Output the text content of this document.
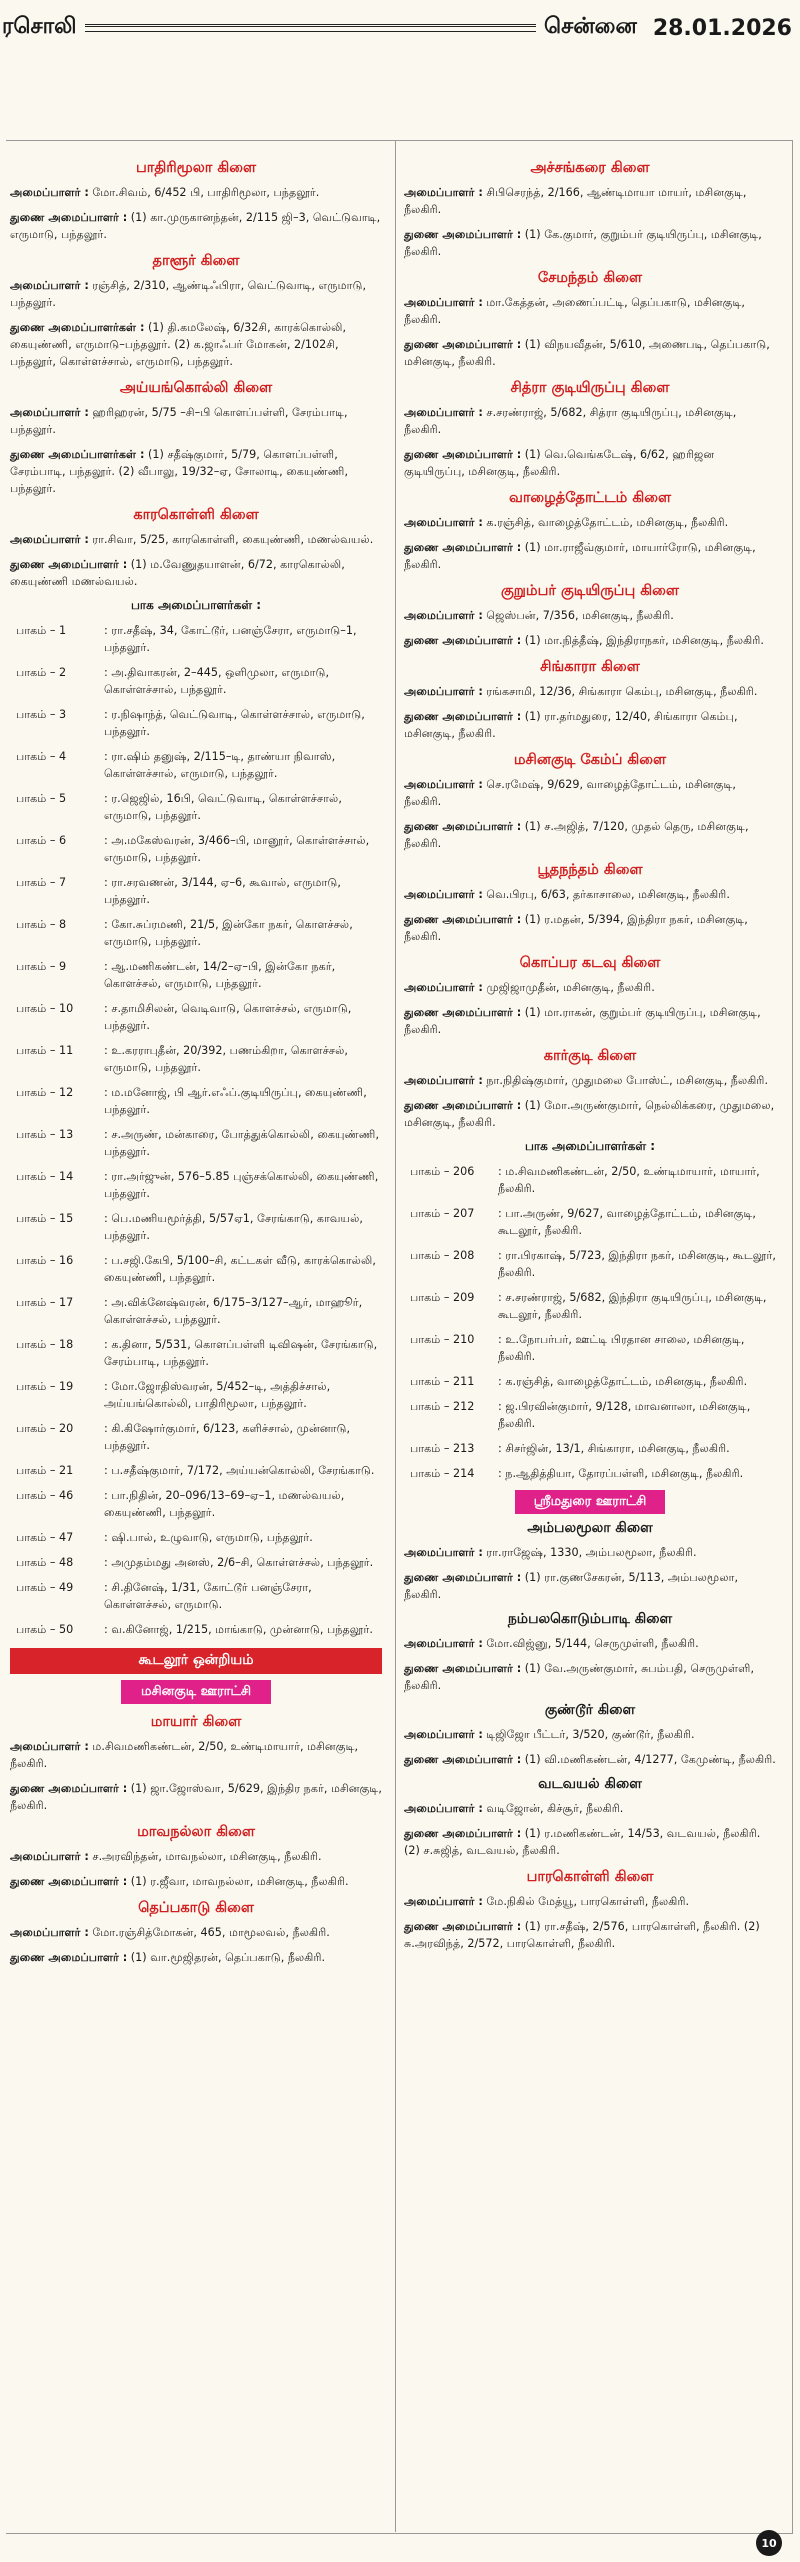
ரசொலி	சென்னை 28.01.2026
பாதிரிமூலா கிளை
அமைப்பாளர் : மோ.சிவம், 6/452 பி, பாதிரிமூலா, பந்தலூர்.
துணை அமைப்பாளர் : (1) கா.முருகானந்தன், 2/115 ஜி–3, வெட்டுவாடி, எருமாடு, பந்தலூர்.
தாளூர் கிளை
அமைப்பாளர் : ரஞ்சித், 2/310, ஆண்டிஃபிரா, வெட்டுவாடி, எருமாடு, பந்தலூர்.
துணை அமைப்பாளர்கள் : (1) தி.கமலேஷ், 6/32சி, காரக்கொல்லி, கையுண்ணி, எருமாடு–பந்தலூர். (2) க.ஜாஃபர் மோகன், 2/102சி, பந்தலூர், கொள்ளச்சால், எருமாடு, பந்தலூர்.
அய்யங்கொல்லி கிளை
அமைப்பாளர் : ஹரிஹரன், 5/75 –சி–பி கொளப்பள்ளி, சேரம்பாடி, பந்தலூர்.
துணை அமைப்பாளர்கள் : (1) சதீஷ்குமார், 5/79, கொளப்பள்ளி, சேரம்பாடி, பந்தலூர். (2) வீபாலு, 19/32–ஏ, சோலாடி, கையுண்ணி, பந்தலூர்.
காரகொள்ளி கிளை
அமைப்பாளர் : ரா.சிவா, 5/25, காரகொள்ளி, கையுண்ணி, மணல்வயல்.
துணை அமைப்பாளர் : (1) ம.வேணுதயாளன், 6/72, காரகொல்லி, கையுண்ணி மணல்வயல்.
பாக அமைப்பாளர்கள் :
பாகம் – 1	: ரா.சதீஷ், 34, கோட்டூர், பனஞ்சேரா, எருமாடு–1, பந்தலூர்.
பாகம் – 2	: அ.திவாகரன், 2–445, ஒளிமுலா, எருமாடு, கொள்ளச்சால், பந்தலூர்.
பாகம் – 3	: ர.நிஷாந்த், வெட்டுவாடி, கொள்ளச்சால், எருமாடு, பந்தலூர்.
பாகம் – 4	: ரா.ஷிம் தனுஷ், 2/115–டி, தாண்யா நிவாஸ், கொள்ளச்சால், எருமாடு, பந்தலூர்.
பாகம் – 5	: ர.ஜெஜில், 16பி, வெட்டுவாடி, கொள்ளச்சால், எருமாடு, பந்தலூர்.
பாகம் – 6	: அ.மகேஸ்வரன், 3/466–பி, மானூர், கொள்ளச்சால், எருமாடு, பந்தலூர்.
பாகம் – 7	: ரா.சரவணன், 3/144, ஏ–6, கூவால், எருமாடு, பந்தலூர்.
பாகம் – 8	: கோ.சுப்ரமணி, 21/5, இன்கோ நகர், கொளச்சல், எருமாடு, பந்தலூர்.
பாகம் – 9	: ஆ.மணிகண்டன், 14/2–ஏ–பி, இன்கோ நகர், கொளச்சல், எருமாடு, பந்தலூர்.
பாகம் – 10	: ச.தாமிசிலன், வெடிவாடு, கொளச்சல், எருமாடு, பந்தலூர்.
பாகம் – 11	: உ.கரராபுதீன், 20/392, பணம்கிறா, கொளச்சல், எருமாடு, பந்தலூர்.
பாகம் – 12	: ம.மனோஜ், பி ஆர்.எஃப்.குடியிருப்பு, கையுண்ணி, பந்தலூர்.
பாகம் – 13	: ச.அருண், மன்காரை, போத்துக்கொல்லி, கையுண்ணி, பந்தலூர்.
பாகம் – 14	: ரா.அர்ஜுன், 576–5.85 புஞ்சக்கொல்லி, கையுண்ணி, பந்தலூர்.
பாகம் – 15	: பெ.மணியமூர்த்தி, 5/57ஏ1, சேரங்காடு, காவயல், பந்தலூர்.
பாகம் – 16	: ப.சஜி.கேபி, 5/100–சி, கட்டகள் வீடு, காரக்கொல்லி, கையுண்ணி, பந்தலூர்.
பாகம் – 17	: அ.விக்னேஷ்வரன், 6/175–3/127–ஆர், மாஹூர், கொள்ளச்சல், பந்தலூர்.
பாகம் – 18	: க.தினா, 5/531, கொளப்பள்ளி டிவிஷன், சேரங்காடு, சேரம்பாடி, பந்தலூர்.
பாகம் – 19	: மோ.ஜோதிஸ்வரன், 5/452–டி, அத்திச்சால், அய்யங்கொல்லி, பாதிரிமூலா, பந்தலூர்.
பாகம் – 20	: கி.கிஷோர்குமார், 6/123, களிச்சால், முன்னாடு, பந்தலூர்.
பாகம் – 21	: ப.சதீஷ்குமார், 7/172, அய்யன்கொல்லி, சேரங்காடு.
பாகம் – 46	: பா.நிதின், 20–096/13–69–ஏ–1, மணல்வயல், கையுண்ணி, பந்தலூர்.
பாகம் – 47	: ஷி.பால், உழுவாடு, எருமாடு, பந்தலூர்.
பாகம் – 48	: அமுதம்மது அனஸ், 2/6–சி, கொள்ளச்சல், பந்தலூர்.
பாகம் – 49	: சி.தினேஷ், 1/31, கோட்டூர் பனஞ்சேரா, கொள்ளச்சல், எருமாடு.
பாகம் – 50	: வ.கினோஜ், 1/215, மாங்காடு, முன்னாடு, பந்தலூர்.
கூடலூர் ஒன்றியம்
மசினகுடி ஊராட்சி
மாயார் கிளை
அமைப்பாளர் : ம.சிவமணிகண்டன், 2/50, உண்டிமாயார், மசினகுடி, நீலகிரி.
துணை அமைப்பாளர் : (1) ஜா.ஜோஸ்வா, 5/629, இந்திர நகர், மசினகுடி, நீலகிரி.
மாவநல்லா கிளை
அமைப்பாளர் : ச.அரவிந்தன், மாவநல்லா, மசினகுடி, நீலகிரி.
துணை அமைப்பாளர் : (1) ர.ஜீவா, மாவநல்லா, மசினகுடி, நீலகிரி.
தெப்பகாடு கிளை
அமைப்பாளர் : மோ.ரஞ்சித்மோகன், 465, மாமூலவல், நீலகிரி.
துணை அமைப்பாளர் : (1) வா.மூஜிதரன், தெப்பகாடு, நீலகிரி.
அச்சங்கரை கிளை
அமைப்பாளர் : சிபிசெரந்த், 2/166, ஆண்டிமாயா மாயர், மசினகுடி, நீலகிரி.
துணை அமைப்பாளர் : (1) கே.குமார், குறும்பர் குடியிருப்பு, மசினகுடி, நீலகிரி.
சேமந்தம் கிளை
அமைப்பாளர் : மா.கேத்தன், அணைப்பட்டி, தெப்பகாடு, மசினகுடி, நீலகிரி.
துணை அமைப்பாளர் : (1) விநயவீதன், 5/610, அணைபடி, தெப்பகாடு, மசினகுடி, நீலகிரி.
சித்ரா குடியிருப்பு கிளை
அமைப்பாளர் : ச.சரண்ராஜ், 5/682, சித்ரா குடியிருப்பு, மசினகுடி, நீலகிரி.
துணை அமைப்பாளர் : (1) வெ.வெங்கடேஷ், 6/62, ஹரிஜன குடியிருப்பு, மசினகுடி, நீலகிரி.
வாழைத்தோட்டம் கிளை
அமைப்பாளர் : க.ரஞ்சித், வாழைத்தோட்டம், மசினகுடி, நீலகிரி.
துணை அமைப்பாளர் : (1) மா.ராஜீவ்குமார், மாயார்ரோடு, மசினகுடி, நீலகிரி.
குறும்பர் குடியிருப்பு கிளை
அமைப்பாளர் : ஜெஸ்பன், 7/356, மசினகுடி, நீலகிரி.
துணை அமைப்பாளர் : (1) மா.நித்தீஷ், இந்திராநகர், மசினகுடி, நீலகிரி.
சிங்காரா கிளை
அமைப்பாளர் : ரங்கசாமி, 12/36, சிங்காரா கெம்பு, மசினகுடி, நீலகிரி.
துணை அமைப்பாளர் : (1) ரா.தர்மதுரை, 12/40, சிங்காரா கெம்பு, மசினகுடி, நீலகிரி.
மசினகுடி கேம்ப் கிளை
அமைப்பாளர் : செ.ரமேஷ், 9/629, வாழைத்தோட்டம், மசினகுடி, நீலகிரி.
துணை அமைப்பாளர் : (1) ச.அஜித், 7/120, முதல் தெரு, மசினகுடி, நீலகிரி.
பூதநந்தம் கிளை
அமைப்பாளர் : வெ.பிரபு, 6/63, தர்காசாலை, மசினகுடி, நீலகிரி.
துணை அமைப்பாளர் : (1) ர.மதன், 5/394, இந்திரா நகர், மசினகுடி, நீலகிரி.
கொப்பர கடவு கிளை
அமைப்பாளர் : முஜிஜாமுதீன், மசினகுடி, நீலகிரி.
துணை அமைப்பாளர் : (1) மா.ராகன், குறும்பர் குடியிருப்பு, மசினகுடி, நீலகிரி.
கார்குடி கிளை
அமைப்பாளர் : நா.நிதிஷ்குமார், முதுமலை போஸ்ட், மசினகுடி, நீலகிரி.
துணை அமைப்பாளர் : (1) மோ.அருண்குமார், நெல்லிக்கரை, முதுமலை, மசினகுடி, நீலகிரி.
பாக அமைப்பாளர்கள் :
பாகம் – 206	: ம.சிவமணிகண்டன், 2/50, உண்டிமாயார், மாயார், நீலகிரி.
பாகம் – 207	: பா.அருண், 9/627, வாழைத்தோட்டம், மசினகுடி, கூடலூர், நீலகிரி.
பாகம் – 208	: ரா.பிரகாஷ், 5/723, இந்திரா நகர், மசினகுடி, கூடலூர், நீலகிரி.
பாகம் – 209	: ச.சரண்ராஜ், 5/682, இந்திரா குடியிருப்பு, மசினகுடி, கூடலூர், நீலகிரி.
பாகம் – 210	: உ.நோபர்பர், ஊட்டி பிரதான சாலை, மசினகுடி, நீலகிரி.
பாகம் – 211	: க.ரஞ்சித், வாழைத்தோட்டம், மசினகுடி, நீலகிரி.
பாகம் – 212	: ஜ.பிரவின்குமார், 9/128, மாவனாலா, மசினகுடி, நீலகிரி.
பாகம் – 213	: சிசர்ஜின், 13/1, சிங்காரா, மசினகுடி, நீலகிரி.
பாகம் – 214	: ந.ஆதித்தியா, தோரப்பள்ளி, மசினகுடி, நீலகிரி.
ஸ்ரீமதுரை ஊராட்சி
அம்பலமூலா கிளை
அமைப்பாளர் : ரா.ராஜேஷ், 1330, அம்பலமூலா, நீலகிரி.
துணை அமைப்பாளர் : (1) ரா.குணசேகரன், 5/113, அம்பலமூலா, நீலகிரி.
நம்பலகொடும்பாடி கிளை
அமைப்பாளர் : மோ.விஜ்னு, 5/144, செருமுள்ளி, நீலகிரி.
துணை அமைப்பாளர் : (1) வே.அருண்குமார், சுபம்பதி, செருமுள்ளி, நீலகிரி.
குண்டூர் கிளை
அமைப்பாளர் : டிஜிஜோ பீட்டர், 3/520, குண்டூர், நீலகிரி.
துணை அமைப்பாளர் : (1) வி.மணிகண்டன், 4/1277, கேமுண்டி, நீலகிரி.
வடவயல் கிளை
அமைப்பாளர் : வடிஜோன், கிச்சூர், நீலகிரி.
துணை அமைப்பாளர் : (1) ர.மணிகண்டன், 14/53, வடவயல், நீலகிரி. (2) ச.சுஜித், வடவயல், நீலகிரி.
பாரகொள்ளி கிளை
அமைப்பாளர் : மே.நிகில் மேத்யூ, பாரகொள்ளி, நீலகிரி.
துணை அமைப்பாளர் : (1) ரா.சதீஷ், 2/576, பாரகொள்ளி, நீலகிரி. (2) சு.அரவிந்த், 2/572, பாரகொள்ளி, நீலகிரி.
10
